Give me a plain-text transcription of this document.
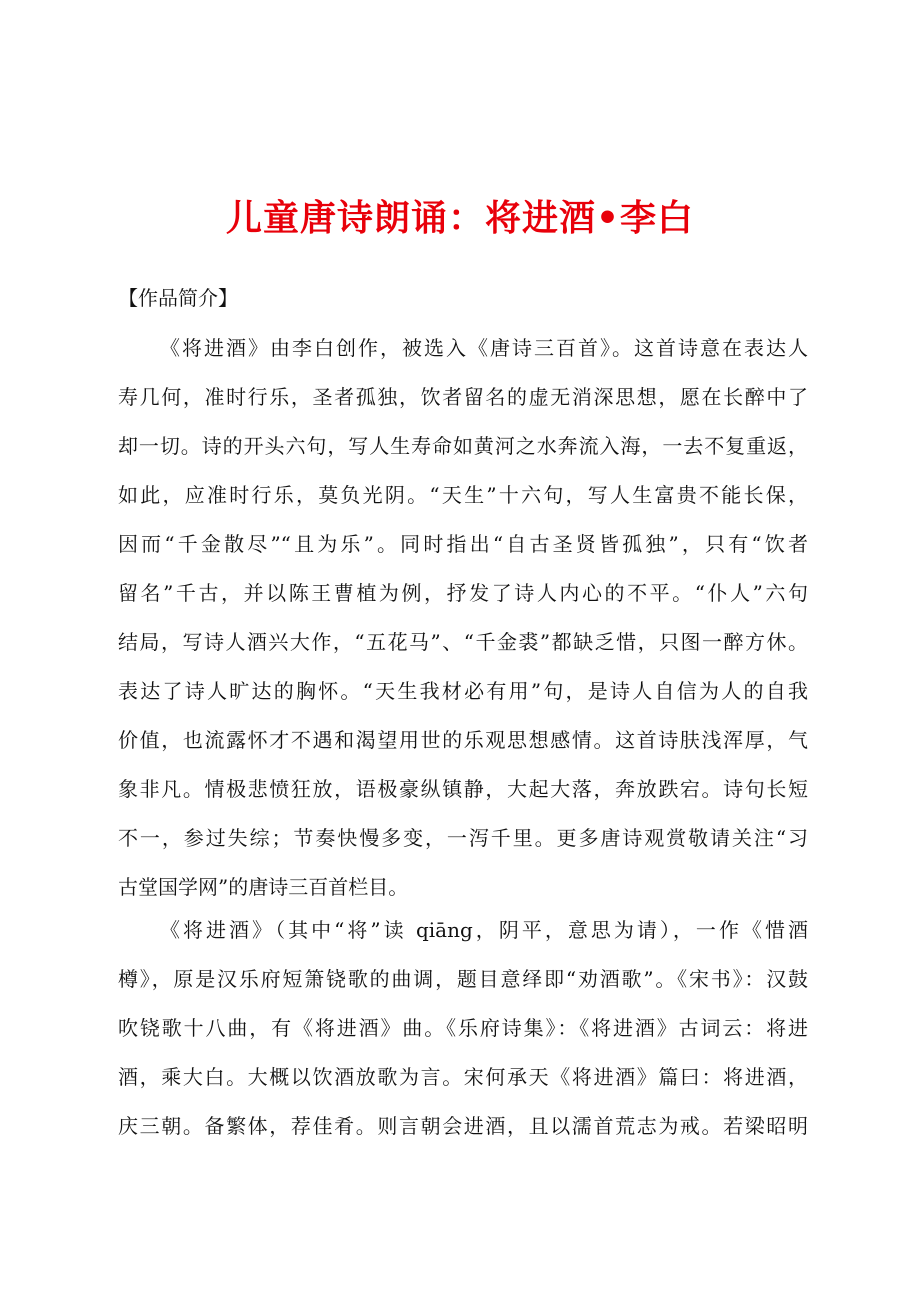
儿童唐诗朗诵：将进酒•李白
【作品简介】
《将进酒》由李白创作，被选入《唐诗三百首》。这首诗意在表达人
寿几何，准时行乐，圣者孤独，饮者留名的虚无消深思想，愿在长醉中了
却一切。诗的开头六句，写人生寿命如黄河之水奔流入海，一去不复重返，
如此，应准时行乐，莫负光阴。“天生”十六句，写人生富贵不能长保，
因而“千金散尽”“且为乐”。同时指出“自古圣贤皆孤独”，只有“饮者
留名”千古，并以陈王曹植为例，抒发了诗人内心的不平。“仆人”六句
结局，写诗人酒兴大作，“五花马”、“千金裘”都缺乏惜，只图一醉方休。
表达了诗人旷达的胸怀。“天生我材必有用”句，是诗人自信为人的自我
价值，也流露怀才不遇和渴望用世的乐观思想感情。这首诗肤浅浑厚，气
象非凡。情极悲愤狂放，语极豪纵镇静，大起大落，奔放跌宕。诗句长短
不一，参过失综；节奏快慢多变，一泻千里。更多唐诗观赏敬请关注“习
古堂国学网”的唐诗三百首栏目。
《将进酒》（其中“将”读 qiāng，阴平，意思为请），一作《惜酒
樽》，原是汉乐府短箫铙歌的曲调，题目意绎即“劝酒歌”。《宋书》：汉鼓
吹铙歌十八曲，有《将进酒》曲。《乐府诗集》：《将进酒》古词云：将进
酒，乘大白。大概以饮酒放歌为言。宋何承天《将进酒》篇曰：将进酒，
庆三朝。备繁体，荐佳肴。则言朝会进酒，且以濡首荒志为戒。若梁昭明
